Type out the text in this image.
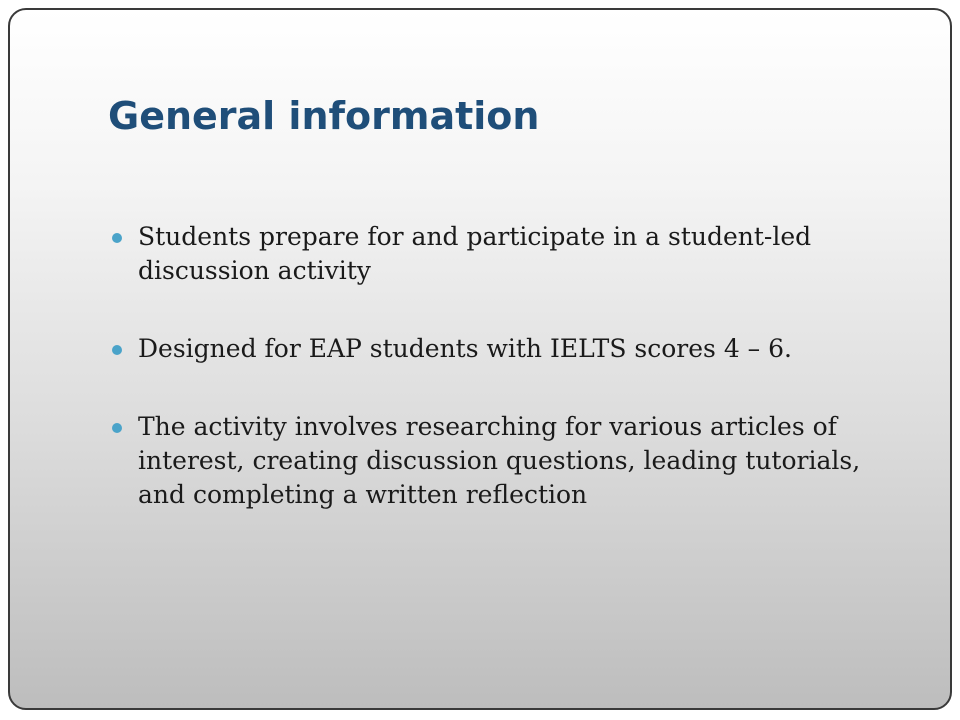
General information
Students prepare for and participate in a student-led discussion activity
Designed for EAP students with IELTS scores 4 – 6.
The activity involves researching for various articles of interest, creating discussion questions, leading tutorials, and completing a written reflection
